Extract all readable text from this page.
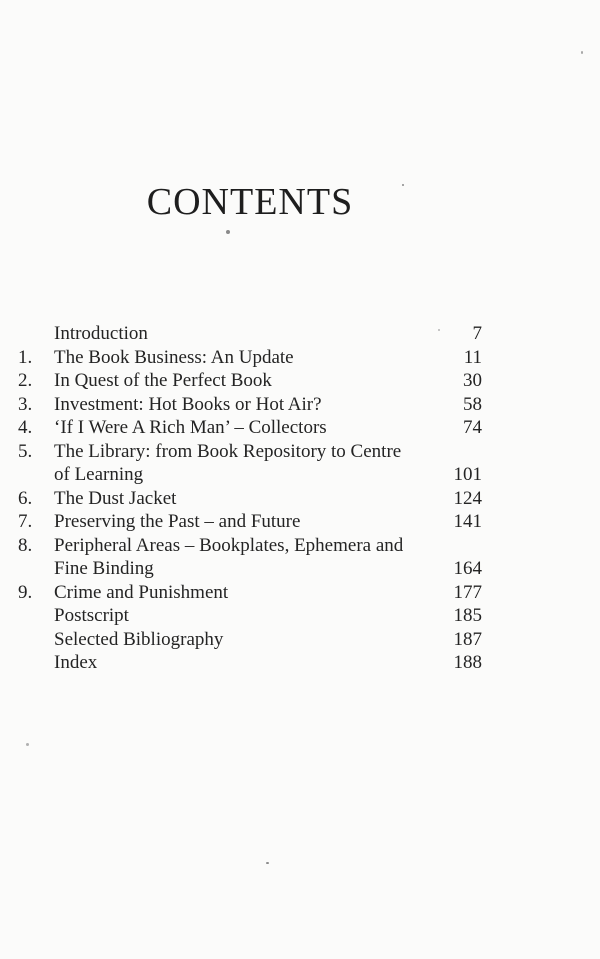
CONTENTS
Introduction	7
1. The Book Business: An Update	11
2. In Quest of the Perfect Book	30
3. Investment: Hot Books or Hot Air?	58
4. ‘If I Were A Rich Man’ – Collectors	74
5. The Library: from Book Repository to Centre
of Learning	101
6. The Dust Jacket	124
7. Preserving the Past – and Future	141
8. Peripheral Areas – Bookplates, Ephemera and
Fine Binding	164
9. Crime and Punishment	177
Postscript	185
Selected Bibliography	187
Index	188
